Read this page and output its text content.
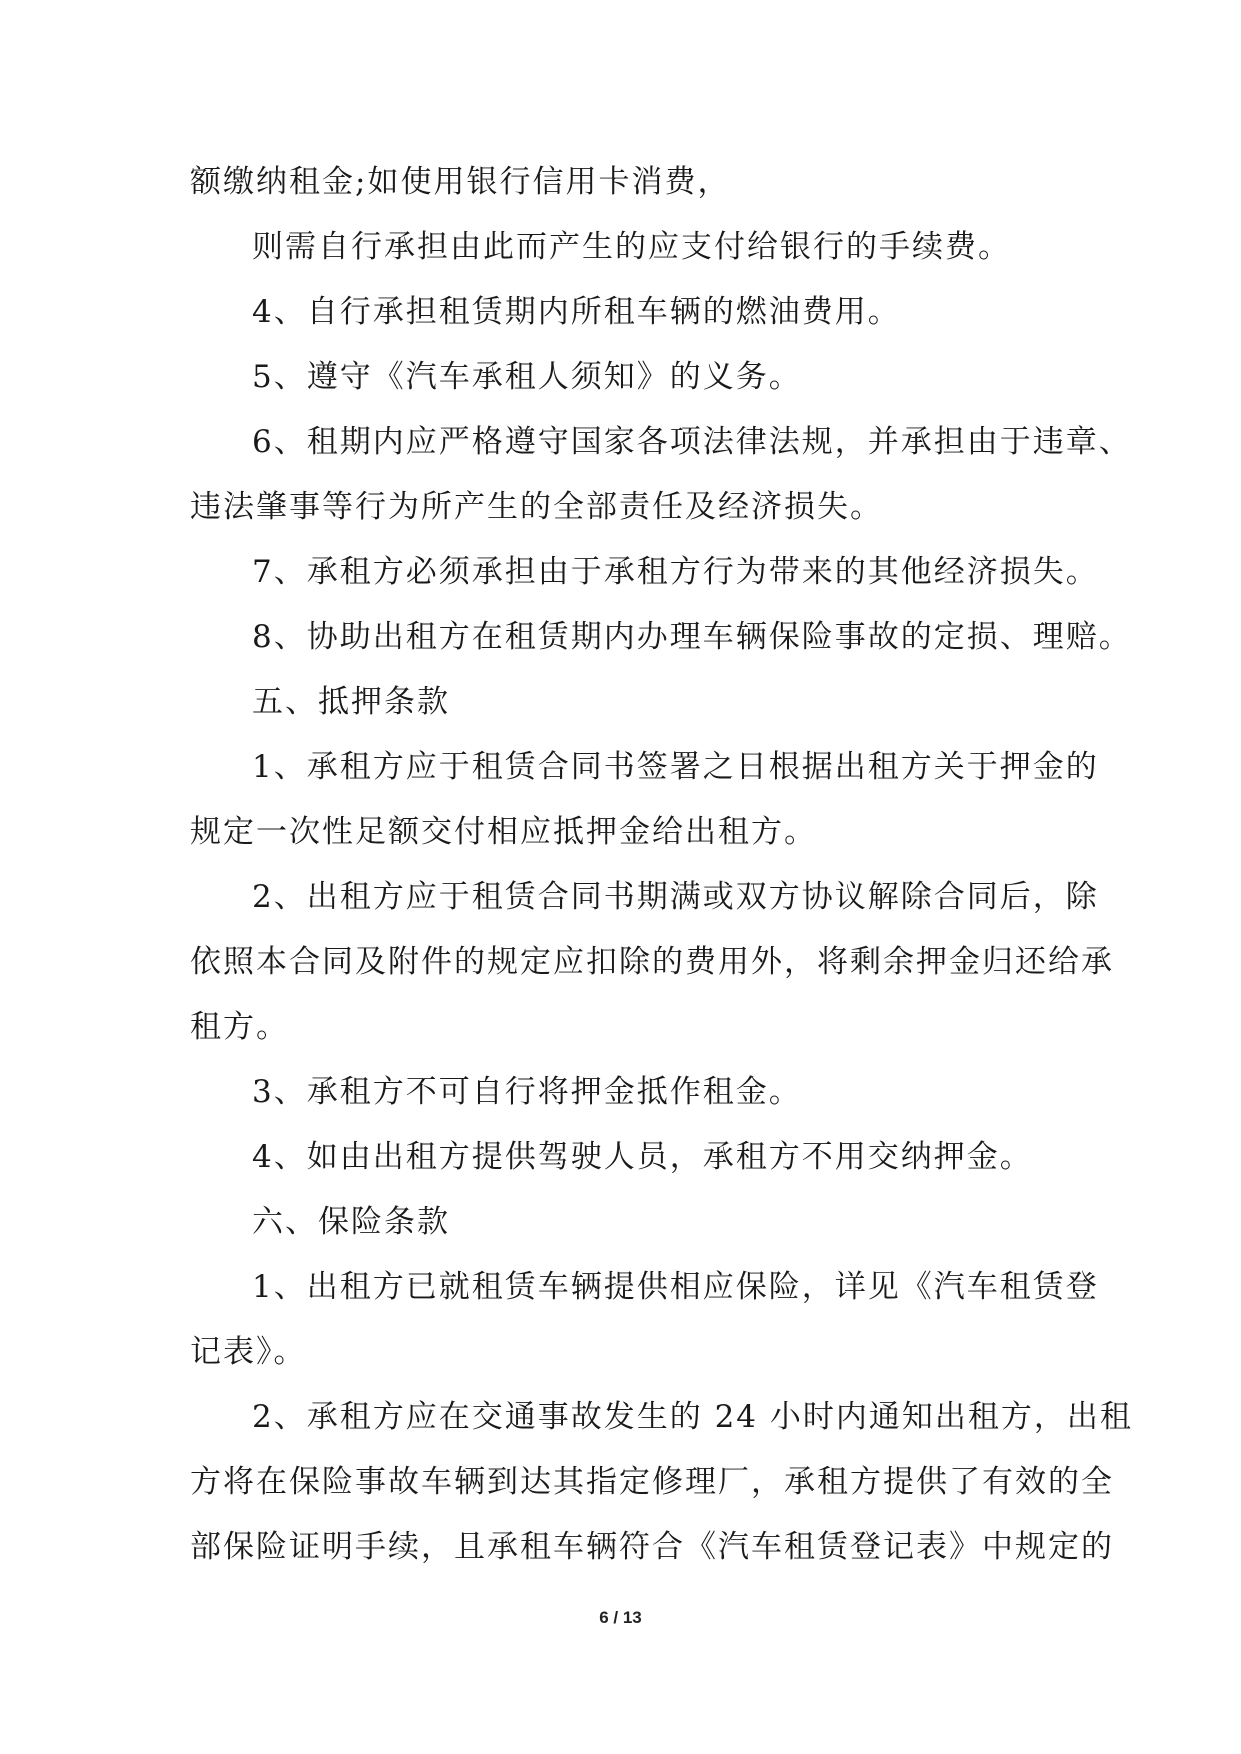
额缴纳租金;如使用银行信用卡消费，

则需自行承担由此而产生的应支付给银行的手续费。

4、自行承担租赁期内所租车辆的燃油费用。

5、遵守《汽车承租人须知》的义务。

6、租期内应严格遵守国家各项法律法规，并承担由于违章、

违法肇事等行为所产生的全部责任及经济损失。

7、承租方必须承担由于承租方行为带来的其他经济损失。

8、协助出租方在租赁期内办理车辆保险事故的定损、理赔。

五、抵押条款

1、承租方应于租赁合同书签署之日根据出租方关于押金的

规定一次性足额交付相应抵押金给出租方。

2、出租方应于租赁合同书期满或双方协议解除合同后，除

依照本合同及附件的规定应扣除的费用外，将剩余押金归还给承

租方。

3、承租方不可自行将押金抵作租金。

4、如由出租方提供驾驶人员，承租方不用交纳押金。

六、保险条款

1、出租方已就租赁车辆提供相应保险，详见《汽车租赁登

记表》。

2、承租方应在交通事故发生的 24 小时内通知出租方，出租

方将在保险事故车辆到达其指定修理厂，承租方提供了有效的全

部保险证明手续，且承租车辆符合《汽车租赁登记表》中规定的

6 / 13
